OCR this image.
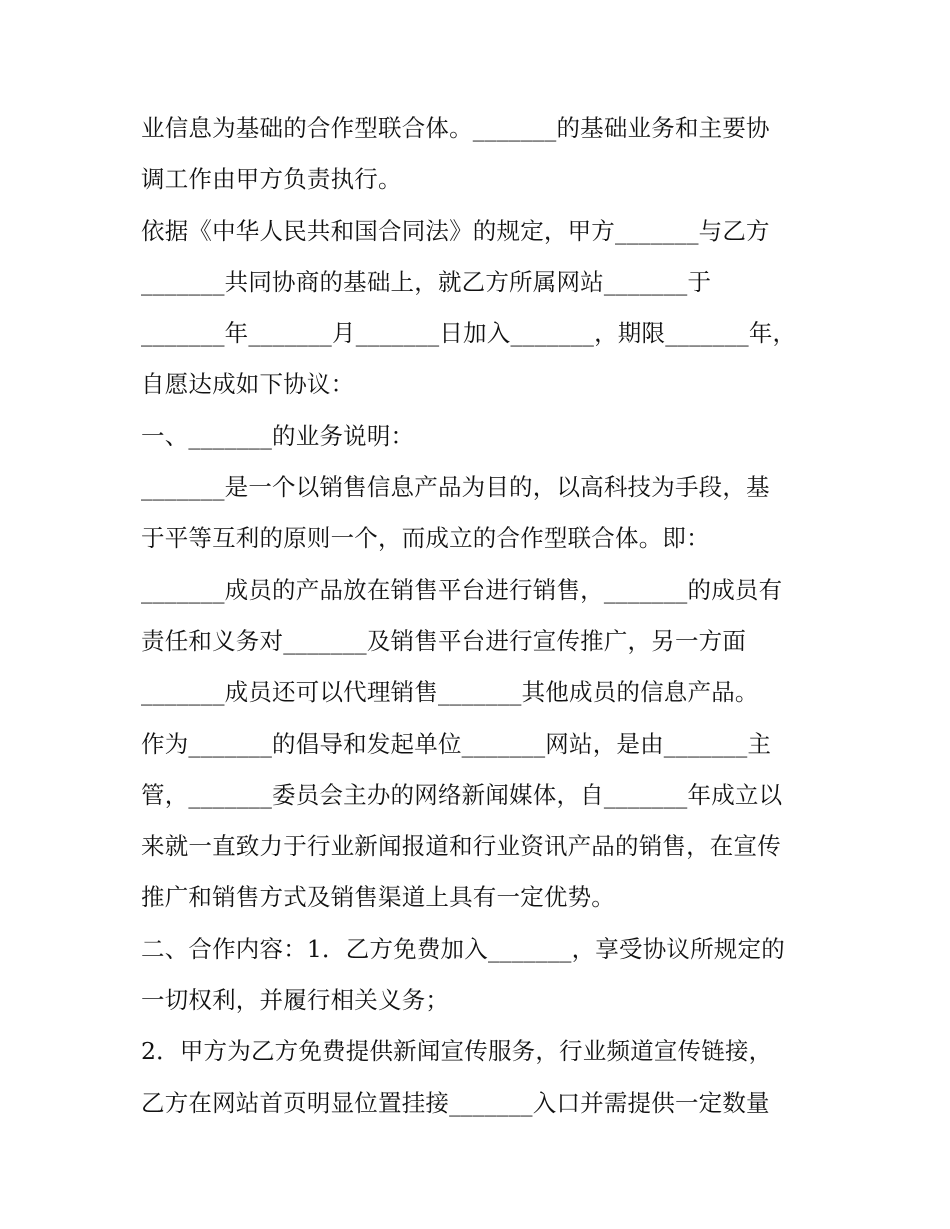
业信息为基础的合作型联合体。_______的基础业务和主要协
调工作由甲方负责执行。
依据《中华人民共和国合同法》的规定，甲方_______与乙方
_______共同协商的基础上，就乙方所属网站_______于
_______年_______月_______日加入_______，期限_______年，
自愿达成如下协议：
一、_______的业务说明：
_______是一个以销售信息产品为目的，以高科技为手段，基
于平等互利的原则一个，而成立的合作型联合体。即：
_______成员的产品放在销售平台进行销售，_______的成员有
责任和义务对_______及销售平台进行宣传推广，另一方面
_______成员还可以代理销售_______其他成员的信息产品。
作为_______的倡导和发起单位_______网站，是由_______主
管，_______委员会主办的网络新闻媒体，自_______年成立以
来就一直致力于行业新闻报道和行业资讯产品的销售，在宣传
推广和销售方式及销售渠道上具有一定优势。
二、合作内容：1．乙方免费加入_______，享受协议所规定的
一切权利，并履行相关义务；
2．甲方为乙方免费提供新闻宣传服务，行业频道宣传链接，
乙方在网站首页明显位置挂接_______入口并需提供一定数量
